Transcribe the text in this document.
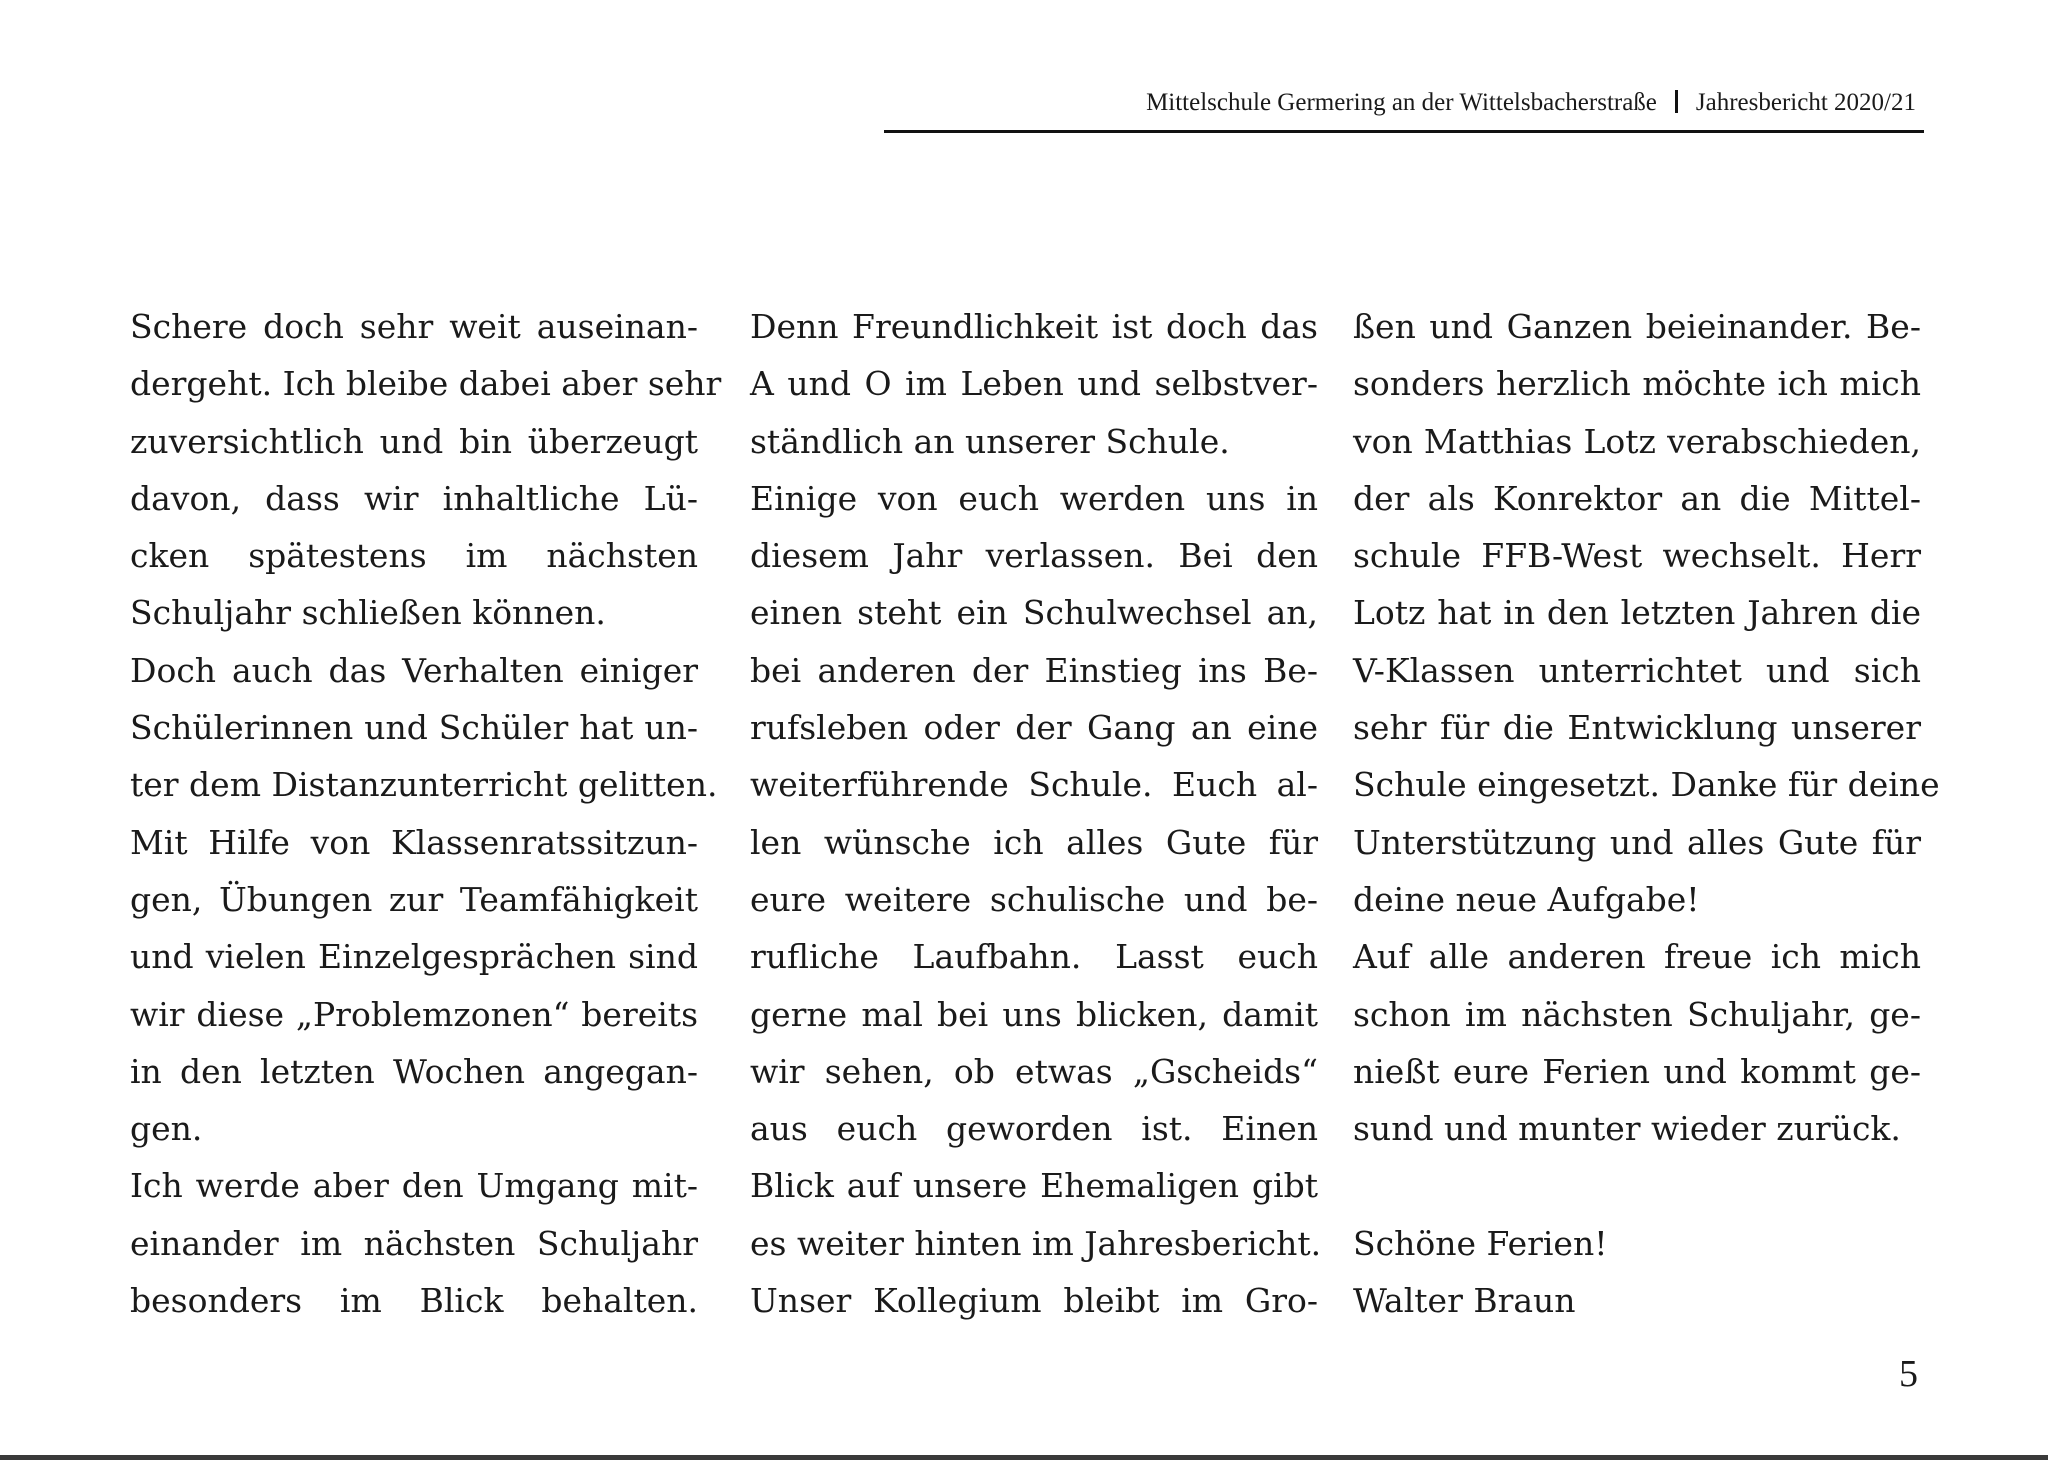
Mittelschule Germering an der Wittelsbacherstraße Jahresbericht 2020/21
Schere doch sehr weit auseinan-
dergeht. Ich bleibe dabei aber sehr
zuversichtlich und bin überzeugt
davon, dass wir inhaltliche Lü-
cken spätestens im nächsten
Schuljahr schließen können.
Doch auch das Verhalten einiger
Schülerinnen und Schüler hat un-
ter dem Distanzunterricht gelitten.
Mit Hilfe von Klassenratssitzun-
gen, Übungen zur Teamfähigkeit
und vielen Einzelgesprächen sind
wir diese „Problemzonen“ bereits
in den letzten Wochen angegan-
gen.
Ich werde aber den Umgang mit-
einander im nächsten Schuljahr
besonders im Blick behalten.
Denn Freundlichkeit ist doch das
A und O im Leben und selbstver-
ständlich an unserer Schule.
Einige von euch werden uns in
diesem Jahr verlassen. Bei den
einen steht ein Schulwechsel an,
bei anderen der Einstieg ins Be-
rufsleben oder der Gang an eine
weiterführende Schule. Euch al-
len wünsche ich alles Gute für
eure weitere schulische und be-
rufliche Laufbahn. Lasst euch
gerne mal bei uns blicken, damit
wir sehen, ob etwas „Gscheids“
aus euch geworden ist. Einen
Blick auf unsere Ehemaligen gibt
es weiter hinten im Jahresbericht.
Unser Kollegium bleibt im Gro-
ßen und Ganzen beieinander. Be-
sonders herzlich möchte ich mich
von Matthias Lotz verabschieden,
der als Konrektor an die Mittel-
schule FFB-West wechselt. Herr
Lotz hat in den letzten Jahren die
V-Klassen unterrichtet und sich
sehr für die Entwicklung unserer
Schule eingesetzt. Danke für deine
Unterstützung und alles Gute für
deine neue Aufgabe!
Auf alle anderen freue ich mich
schon im nächsten Schuljahr, ge-
nießt eure Ferien und kommt ge-
sund und munter wieder zurück.
Schöne Ferien!
Walter Braun
5
